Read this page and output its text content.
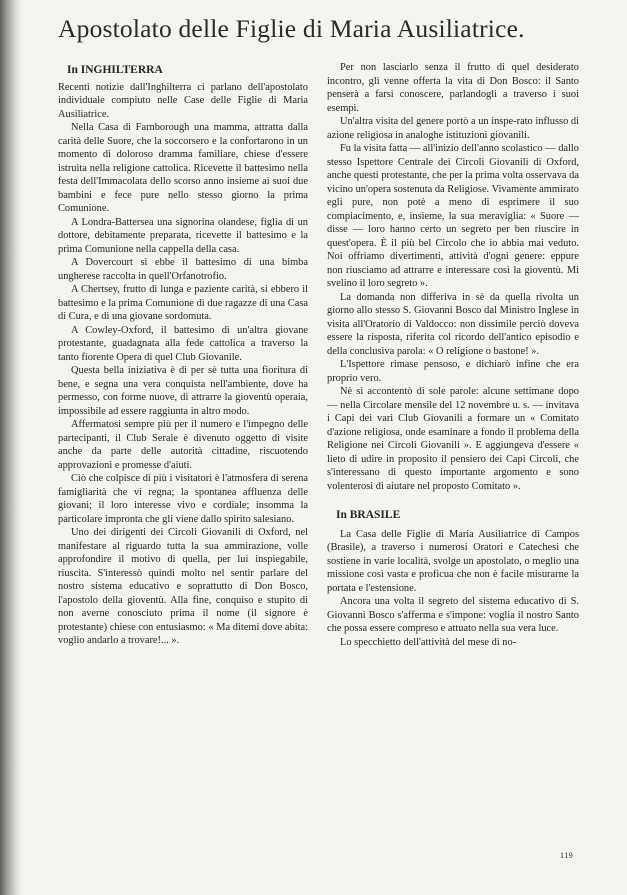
Apostolato delle Figlie di Maria Ausiliatrice.
In INGHILTERRA

Recenti notizie dall'Inghilterra ci parlano dell'apostolato individuale compiuto nelle Case delle Figlie di Maria Ausiliatrice.

Nella Casa di Farnborough una mamma, attratta dalla carità delle Suore, che la soccorsero e la confortarono in un momento di doloroso dramma familiare, chiese d'essere istruita nella religione cattolica. Ricevette il battesimo nella festa dell'Immacolata dello scorso anno insieme ai suoi due bambini e fece pure nello stesso giorno la prima Comunione.

A Londra-Battersea una signorina olandese, figlia di un dottore, debitamente preparata, ricevette il battesimo e la prima Comunione nella cappella della casa.

A Dovercourt si ebbe il battesimo di una bimba ungherese raccolta in quell'Orfanotrofio.

A Chertsey, frutto di lunga e paziente carità, si ebbero il battesimo e la prima Comunione di due ragazze di una Casa di Cura, e di una giovane sordomuta.

A Cowley-Oxford, il battesimo di un'altra giovane protestante, guadagnata alla fede cattolica a traverso la tanto fiorente Opera di quel Club Giovanile.

Questa bella iniziativa è di per sè tutta una fioritura di bene, e segna una vera conquista nell'ambiente, dove ha permesso, con forme nuove, di attrarre la gioventù operaia, impossibile ad essere raggiunta in altro modo.

Affermatosi sempre più per il numero e l'impegno delle partecipanti, il Club Serale è divenuto oggetto di visite anche da parte delle autorità cittadine, riscuotendo approvazioni e promesse d'aiuti.

Ciò che colpisce di più i visitatori è l'atmosfera di serena famigliarità che vi regna; la spontanea affluenza delle giovani; il loro interesse vivo e cordiale; insomma la particolare impronta che gli viene dallo spirito salesiano.

Uno dei dirigenti dei Circoli Giovanili di Oxford, nel manifestare al riguardo tutta la sua ammirazione, volle approfondire il motivo di quella, per lui inspiegabile, riuscita. S'interessò quindi molto nel sentir parlare del nostro sistema educativo e soprattutto di Don Bosco, l'apostolo della gioventù. Alla fine, conquiso e stupito di non averne conosciuto prima il nome (il signore è protestante) chiese con entusiasmo: « Ma ditemi dove abita: voglio andarlo a trovare!... ».

Per non lasciarlo senza il frutto di quel desiderato incontro, gli venne offerta la vita di Don Bosco: il Santo penserà a farsi conoscere, parlandogli a traverso i suoi esempi.

Un'altra visita del genere portò a un inspe-rato influsso di azione religiosa in analoghe istituzioni giovanili.

Fu la visita fatta — all'inizio dell'anno scolastico — dallo stesso Ispettore Centrale dei Circoli Giovanili di Oxford, anche questi protestante, che per la prima volta osservava da vicino un'opera sostenuta da Religiose. Vivamente ammirato egli pure, non potè a meno di esprimere il suo compiacimento, e, insieme, la sua meraviglia: « Suore — disse — loro hanno certo un segreto per ben riuscire in quest'opera. È il più bel Circolo che io abbia mai veduto. Noi offriamo divertimenti, attività d'ogni genere: eppure non riusciamo ad attrarre e interessare così la gioventù. Mi svelino il loro segreto ».

La domanda non differiva in sè da quella rivolta un giorno allo stesso S. Giovanni Bosco dal Ministro Inglese in visita all'Oratorio di Valdocco: non dissimile perciò doveva essere la risposta, riferita col ricordo dell'antico episodio e della conclusiva parola: « O religione o bastone! ».

L'Ispettore rimase pensoso, e dichiarò infine che era proprio vero.

Nè si accontentò di sole parole: alcune settimane dopo — nella Circolare mensile del 12 novembre u. s. — invitava i Capi dei vari Club Giovanili a formare un « Comitato d'azione religiosa, onde esaminare a fondo il problema della Religione nei Circoli Giovanili ». E aggiungeva d'essere « lieto di udire in proposito il pensiero dei Capi Circoli, che s'interessano di questo importante argomento e sono volenterosi di aiutare nel proposto Comitato ».

In BRASILE

La Casa delle Figlie di Maria Ausiliatrice di Campos (Brasile), a traverso i numerosi Oratori e Catechesi che sostiene in varie località, svolge un apostolato, o meglio una missione così vasta e proficua che non è facile misurarne la portata e l'estensione.

Ancora una volta il segreto del sistema educativo di S. Giovanni Bosco s'afferma e s'impone: voglia il nostro Santo che possa essere compreso e attuato nella sua vera luce.

Lo specchietto dell'attività del mese di no-

119
